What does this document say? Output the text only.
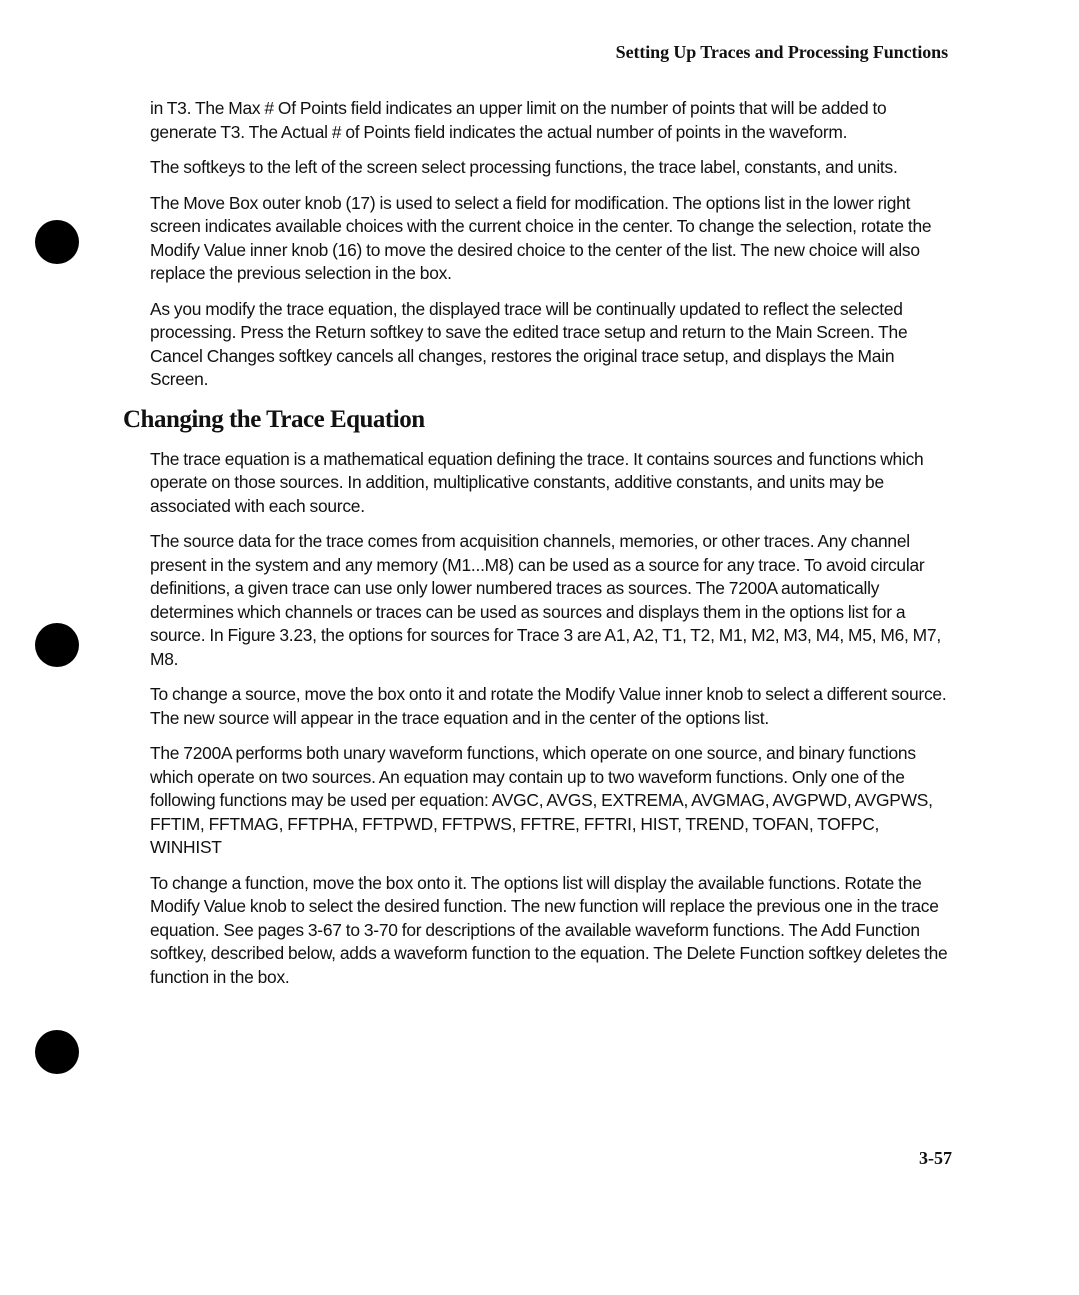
Setting Up Traces and Processing Functions

in T3. The Max # Of Points field indicates an upper limit on the number of points that will be added to generate T3. The Actual # of Points field indicates the actual number of points in the waveform.

The softkeys to the left of the screen select processing functions, the trace label, constants, and units.

The Move Box outer knob (17) is used to select a field for modification. The options list in the lower right screen indicates available choices with the current choice in the center. To change the selection, rotate the Modify Value inner knob (16) to move the desired choice to the center of the list. The new choice will also replace the previous selection in the box.

As you modify the trace equation, the displayed trace will be continually updated to reflect the selected processing. Press the Return softkey to save the edited trace setup and return to the Main Screen. The Cancel Changes softkey cancels all changes, restores the original trace setup, and displays the Main Screen.

Changing the Trace Equation

The trace equation is a mathematical equation defining the trace. It contains sources and functions which operate on those sources. In addition, multiplicative constants, additive constants, and units may be associated with each source.

The source data for the trace comes from acquisition channels, memories, or other traces. Any channel present in the system and any memory (M1...M8) can be used as a source for any trace. To avoid circular definitions, a given trace can use only lower numbered traces as sources. The 7200A automatically determines which channels or traces can be used as sources and displays them in the options list for a source. In Figure 3.23, the options for sources for Trace 3 are A1, A2, T1, T2, M1, M2, M3, M4, M5, M6, M7, M8.

To change a source, move the box onto it and rotate the Modify Value inner knob to select a different source. The new source will appear in the trace equation and in the center of the options list.

The 7200A performs both unary waveform functions, which operate on one source, and binary functions which operate on two sources. An equation may contain up to two waveform functions. Only one of the following functions may be used per equation: AVGC, AVGS, EXTREMA, AVGMAG, AVGPWD, AVGPWS, FFTIM, FFTMAG, FFTPHA, FFTPWD, FFTPWS, FFTRE, FFTRI, HIST, TREND, TOFAN, TOFPC, WINHIST

To change a function, move the box onto it. The options list will display the available functions. Rotate the Modify Value knob to select the desired function. The new function will replace the previous one in the trace equation. See pages 3-67 to 3-70 for descriptions of the available waveform functions. The Add Function softkey, described below, adds a waveform function to the equation. The Delete Function softkey deletes the function in the box.

3-57
